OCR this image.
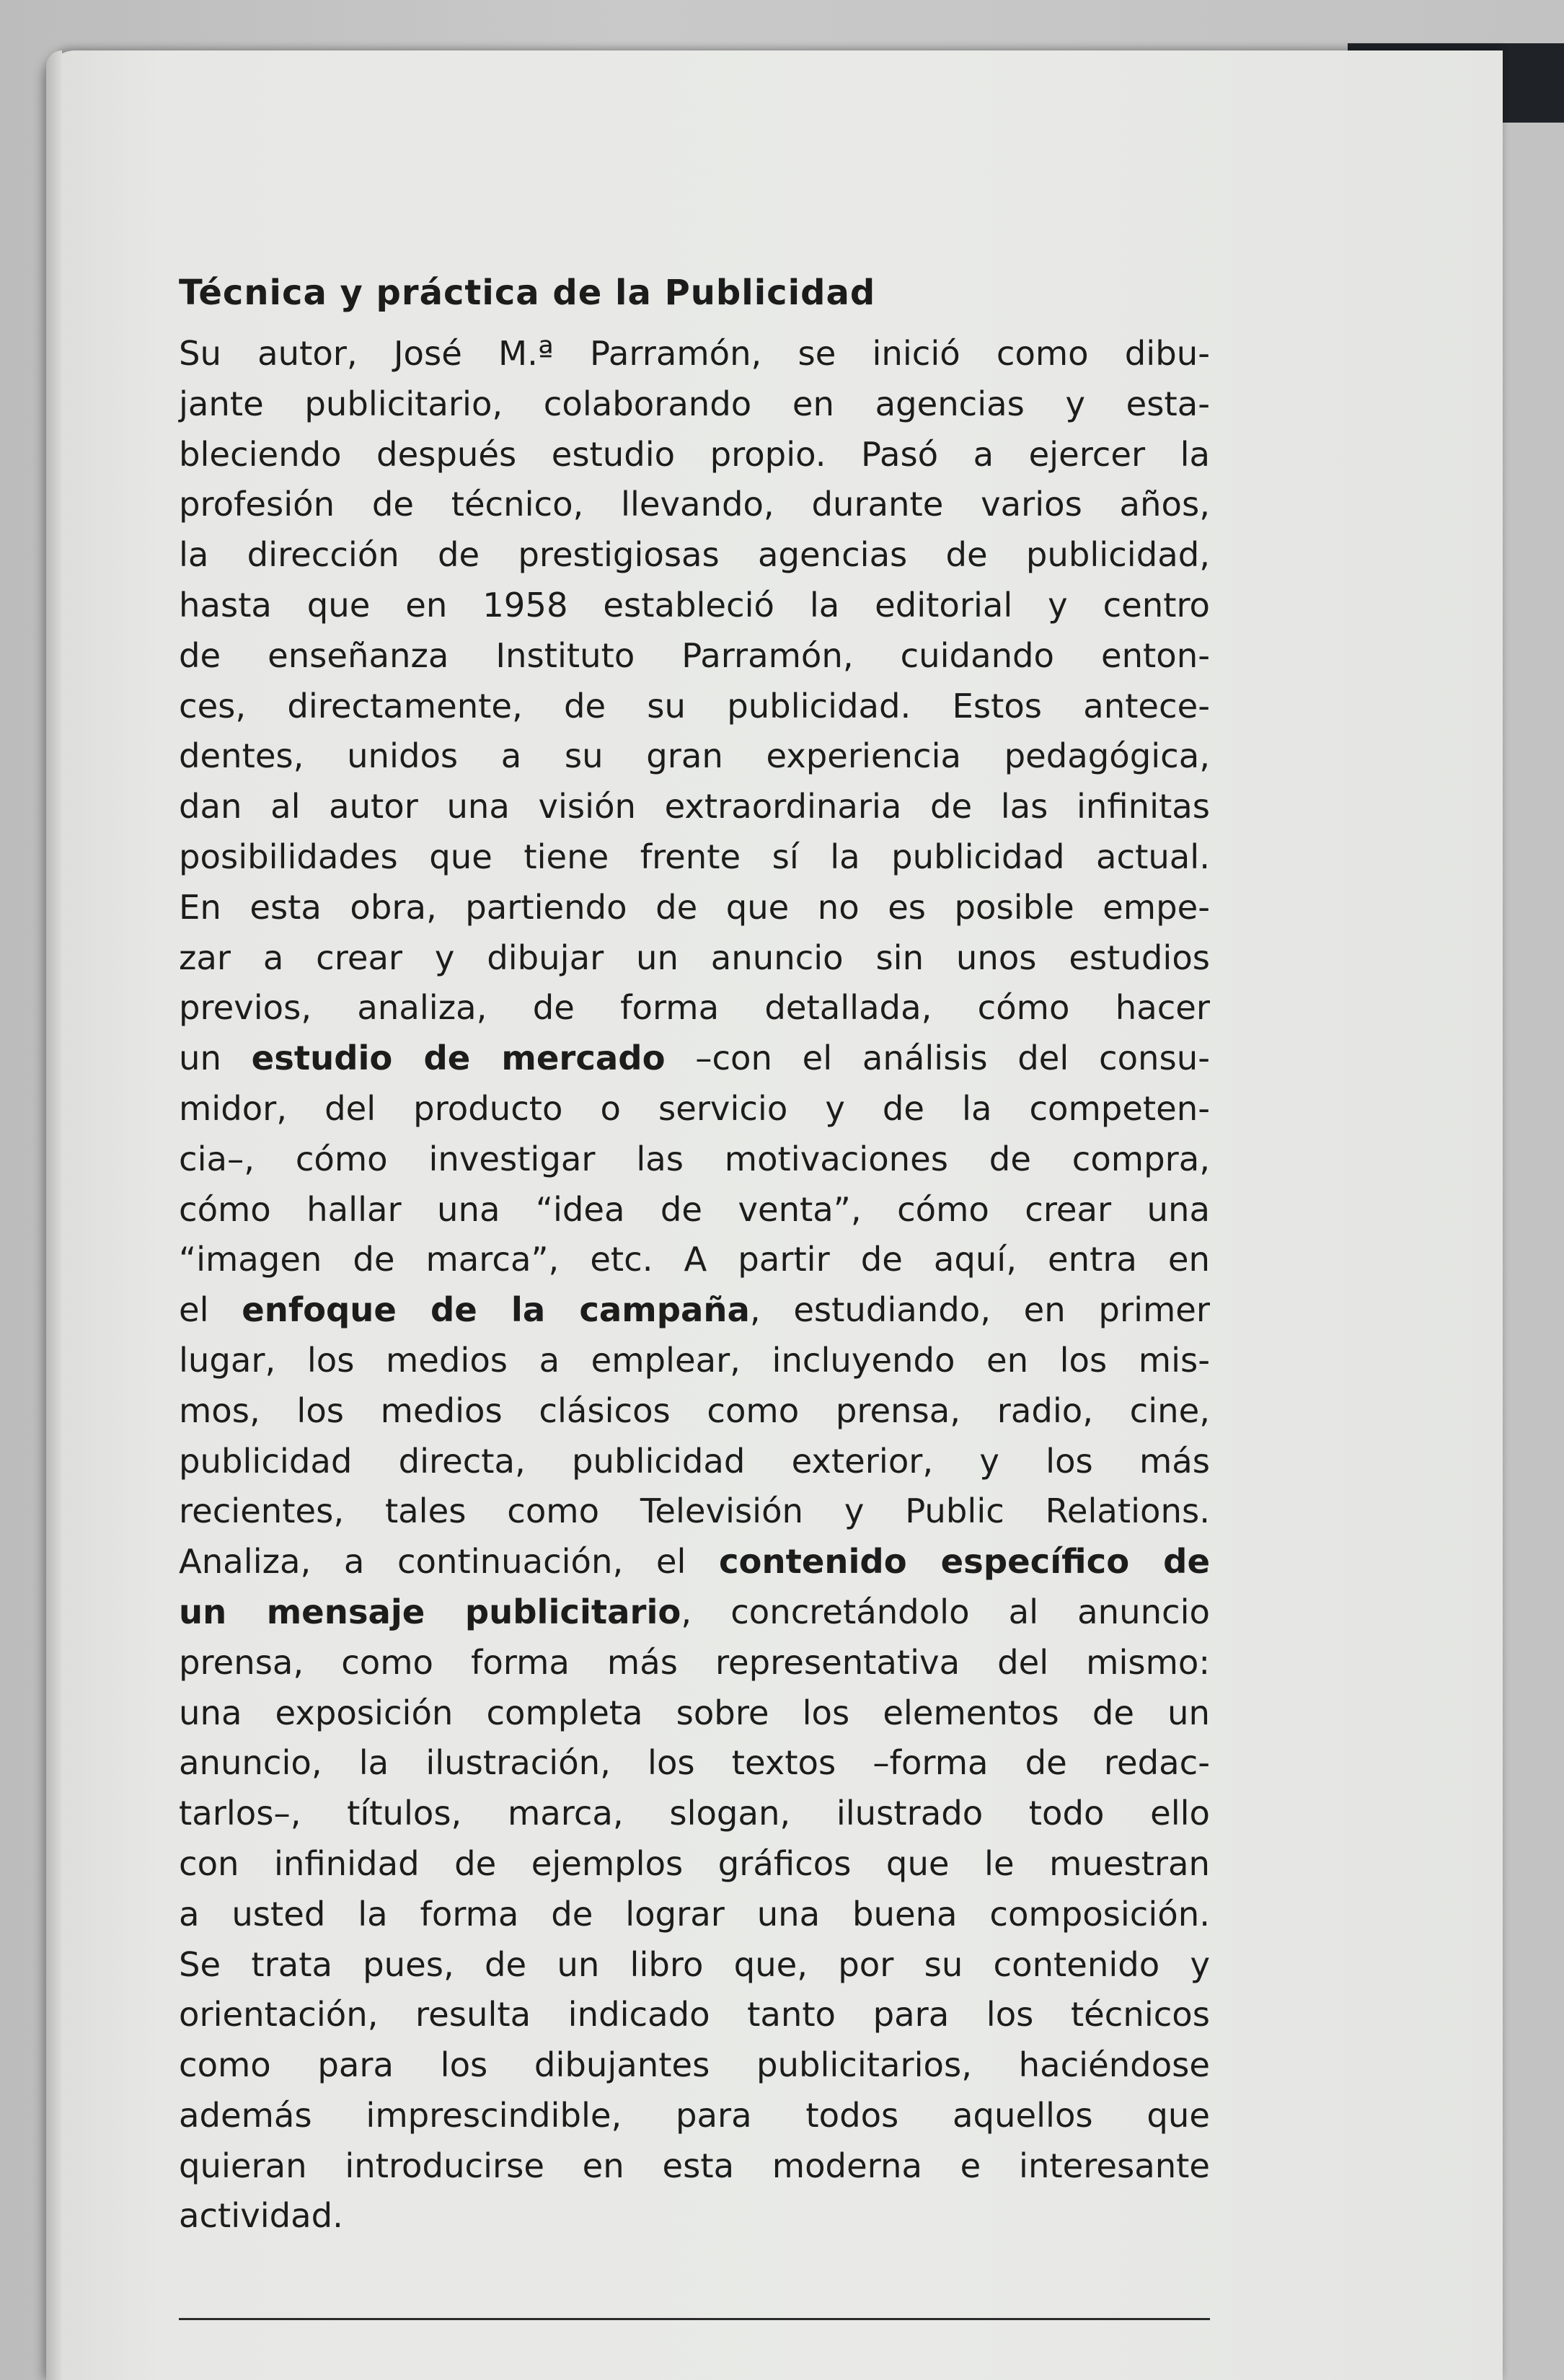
Técnica y práctica de la Publicidad
Su autor, José M.ª Parramón, se inició como dibu-
jante publicitario, colaborando en agencias y esta-
bleciendo después estudio propio. Pasó a ejercer la
profesión de técnico, llevando, durante varios años,
la dirección de prestigiosas agencias de publicidad,
hasta que en 1958 estableció la editorial y centro
de enseñanza Instituto Parramón, cuidando enton-
ces, directamente, de su publicidad. Estos antece-
dentes, unidos a su gran experiencia pedagógica,
dan al autor una visión extraordinaria de las infinitas
posibilidades que tiene frente sí la publicidad actual.
En esta obra, partiendo de que no es posible empe-
zar a crear y dibujar un anuncio sin unos estudios
previos, analiza, de forma detallada, cómo hacer
un estudio de mercado –con el análisis del consu-
midor, del producto o servicio y de la competen-
cia–, cómo investigar las motivaciones de compra,
cómo hallar una “idea de venta”, cómo crear una
“imagen de marca”, etc. A partir de aquí, entra en
el enfoque de la campaña, estudiando, en primer
lugar, los medios a emplear, incluyendo en los mis-
mos, los medios clásicos como prensa, radio, cine,
publicidad directa, publicidad exterior, y los más
recientes, tales como Televisión y Public Relations.
Analiza, a continuación, el contenido específico de
un mensaje publicitario, concretándolo al anuncio
prensa, como forma más representativa del mismo:
una exposición completa sobre los elementos de un
anuncio, la ilustración, los textos –forma de redac-
tarlos–, títulos, marca, slogan, ilustrado todo ello
con infinidad de ejemplos gráficos que le muestran
a usted la forma de lograr una buena composición.
Se trata pues, de un libro que, por su contenido y
orientación, resulta indicado tanto para los técnicos
como para los dibujantes publicitarios, haciéndose
además imprescindible, para todos aquellos que
quieran introducirse en esta moderna e interesante
actividad.
